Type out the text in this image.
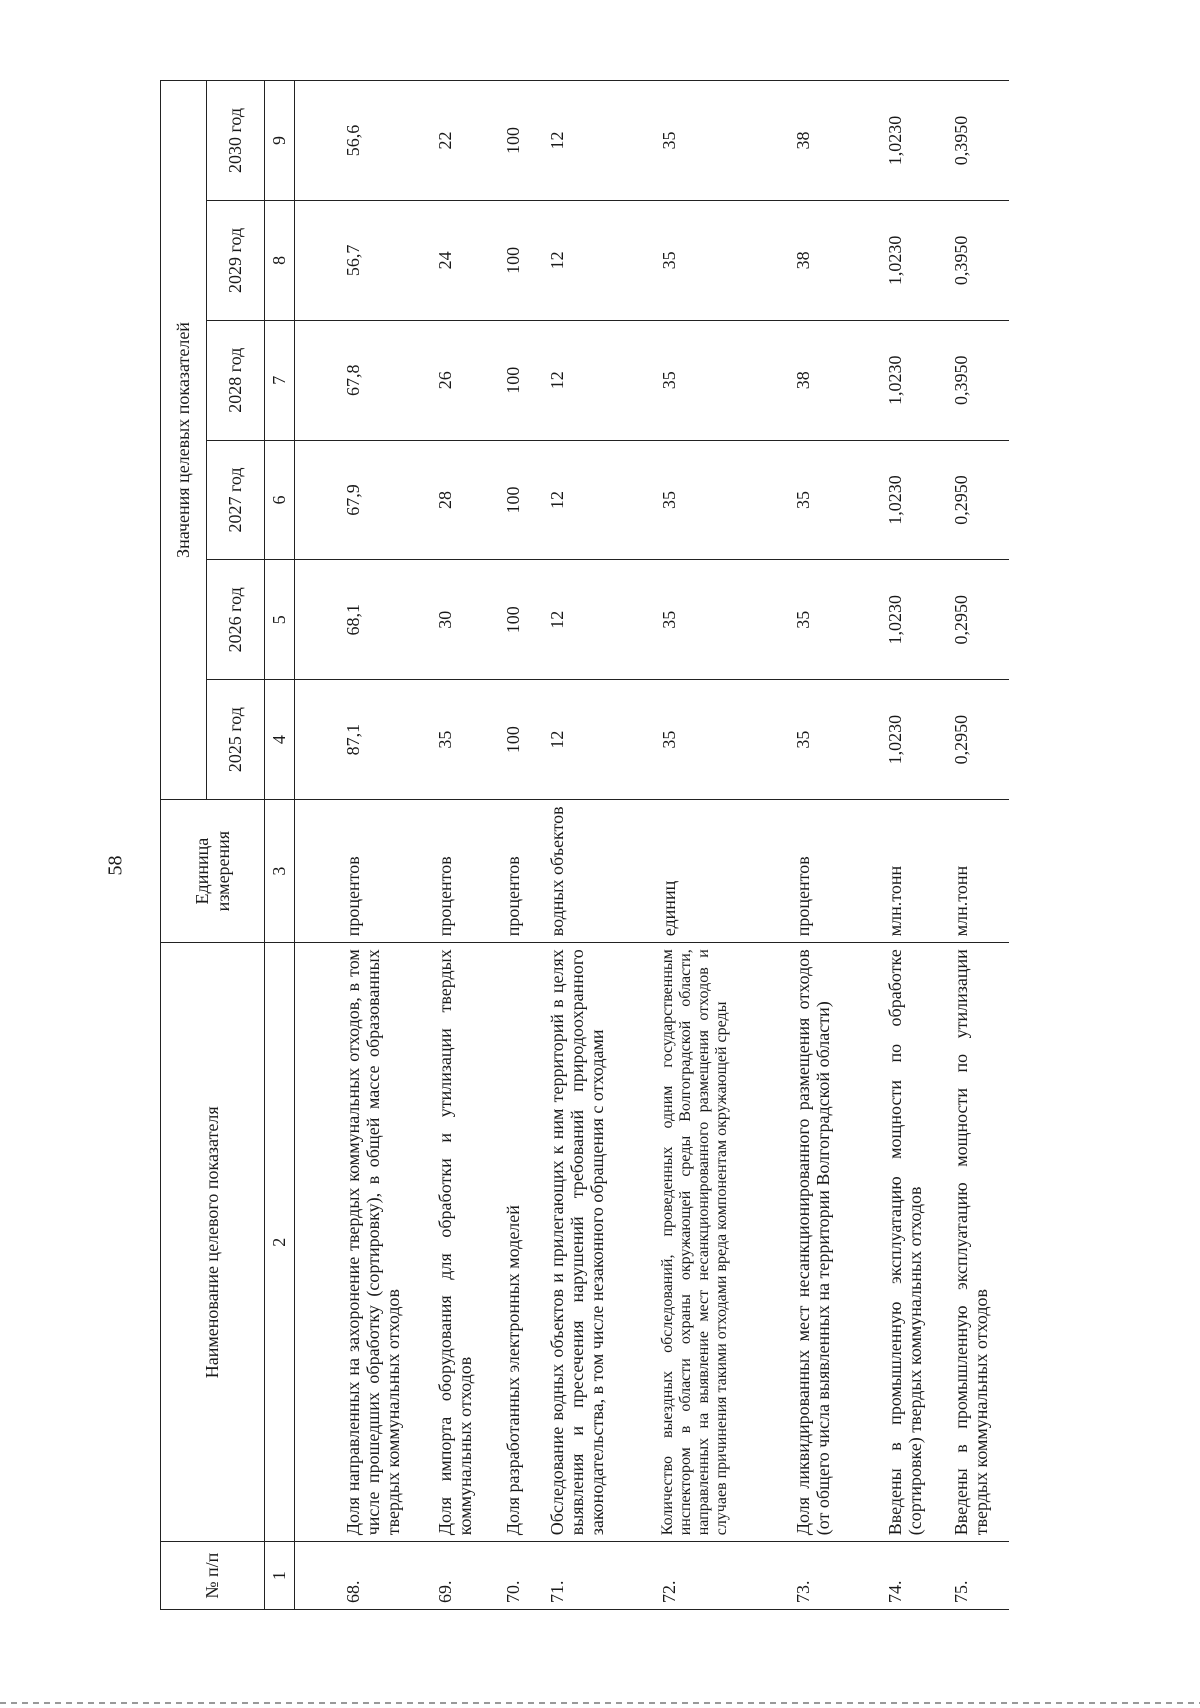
58
№ п/п	Наименование целевого показателя	Единица измерения	Значения целевых показателей					
			2025 год	2026 год	2027 год	2028 год	2029 год	2030 год
1	2	3	4	5	6	7	8	9

68.	Доля направленных на захоронение твердых коммунальных отходов, в том числе прошедших обработку (сортировку), в общей массе образованных твердых коммунальных отходов	процентов	87,1	68,1	67,9	67,8	56,7	56,6
69.	Доля импорта оборудования для обработки и утилизации твердых коммунальных отходов	процентов	35	30	28	26	24	22
70.	Доля разработанных электронных моделей	процентов	100	100	100	100	100	100
71.	Обследование водных объектов и прилегающих к ним территорий в целях выявления и пресечения нарушений требований природоохранного законодательства, в том числе незаконного обращения с отходами	водных объектов	12	12	12	12	12	12
72.	Количество выездных обследований, проведенных одним государственным инспектором в области охраны окружающей среды Волгоградской области, направленных на выявление мест несанкционированного размещения отходов и случаев причинения такими отходами вреда компонентам окружающей среды	единиц	35	35	35	35	35	35
73.	Доля ликвидированных мест несанкционированного размещения отходов (от общего числа выявленных на территории Волгоградской области)	процентов	35	35	35	38	38	38
74.	Введены в промышленную эксплуатацию мощности по обработке (сортировке) твердых коммунальных отходов	млн.тонн	1,0230	1,0230	1,0230	1,0230	1,0230	1,0230
75.	Введены в промышленную эксплуатацию мощности по утилизации твердых коммунальных отходов	млн.тонн	0,2950	0,2950	0,2950	0,3950	0,3950	0,3950
